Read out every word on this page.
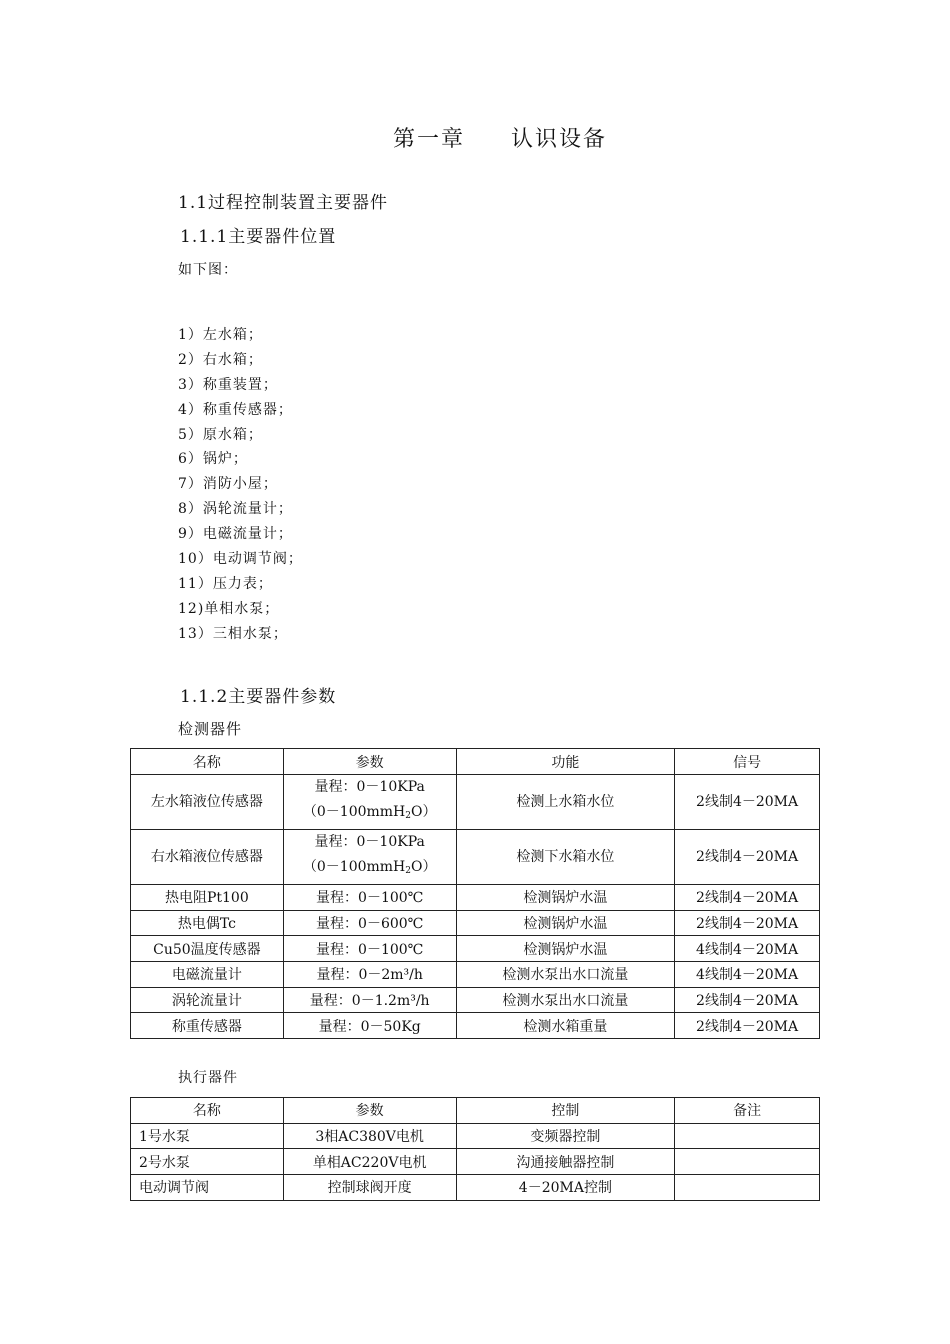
第一章 认识设备
1.1过程控制装置主要器件
1.1.1主要器件位置
如下图：
1）左水箱；
2）右水箱；
3）称重装置；
4）称重传感器；
5）原水箱；
6）锅炉；
7）消防小屋；
8）涡轮流量计；
9）电磁流量计；
10）电动调节阀；
11）压力表；
12)单相水泵；
13）三相水泵；
1.1.2主要器件参数
检测器件
名称	参数	功能	信号
左水箱液位传感器	量程：0－10KPa
（0－100mmH$_2$O）	检测上水箱水位	2线制4－20MA
右水箱液位传感器	量程：0－10KPa
（0－100mmH$_2$O）	检测下水箱水位	2线制4－20MA
热电阻Pt100	量程：0－100℃	检测锅炉水温	2线制4－20MA
热电偶Tc	量程：0－600℃	检测锅炉水温	2线制4－20MA
Cu50温度传感器	量程：0－100℃	检测锅炉水温	4线制4－20MA
电磁流量计	量程：0－2m³/h	检测水泵出水口流量	4线制4－20MA
涡轮流量计	量程：0－1.2m³/h	检测水泵出水口流量	2线制4－20MA
称重传感器	量程：0－50Kg	检测水箱重量	2线制4－20MA
执行器件
名称	参数	控制	备注
1号水泵	3相AC380V电机	变频器控制	
2号水泵	单相AC220V电机	沟通接触器控制	
电动调节阀	控制球阀开度	4－20MA控制	
